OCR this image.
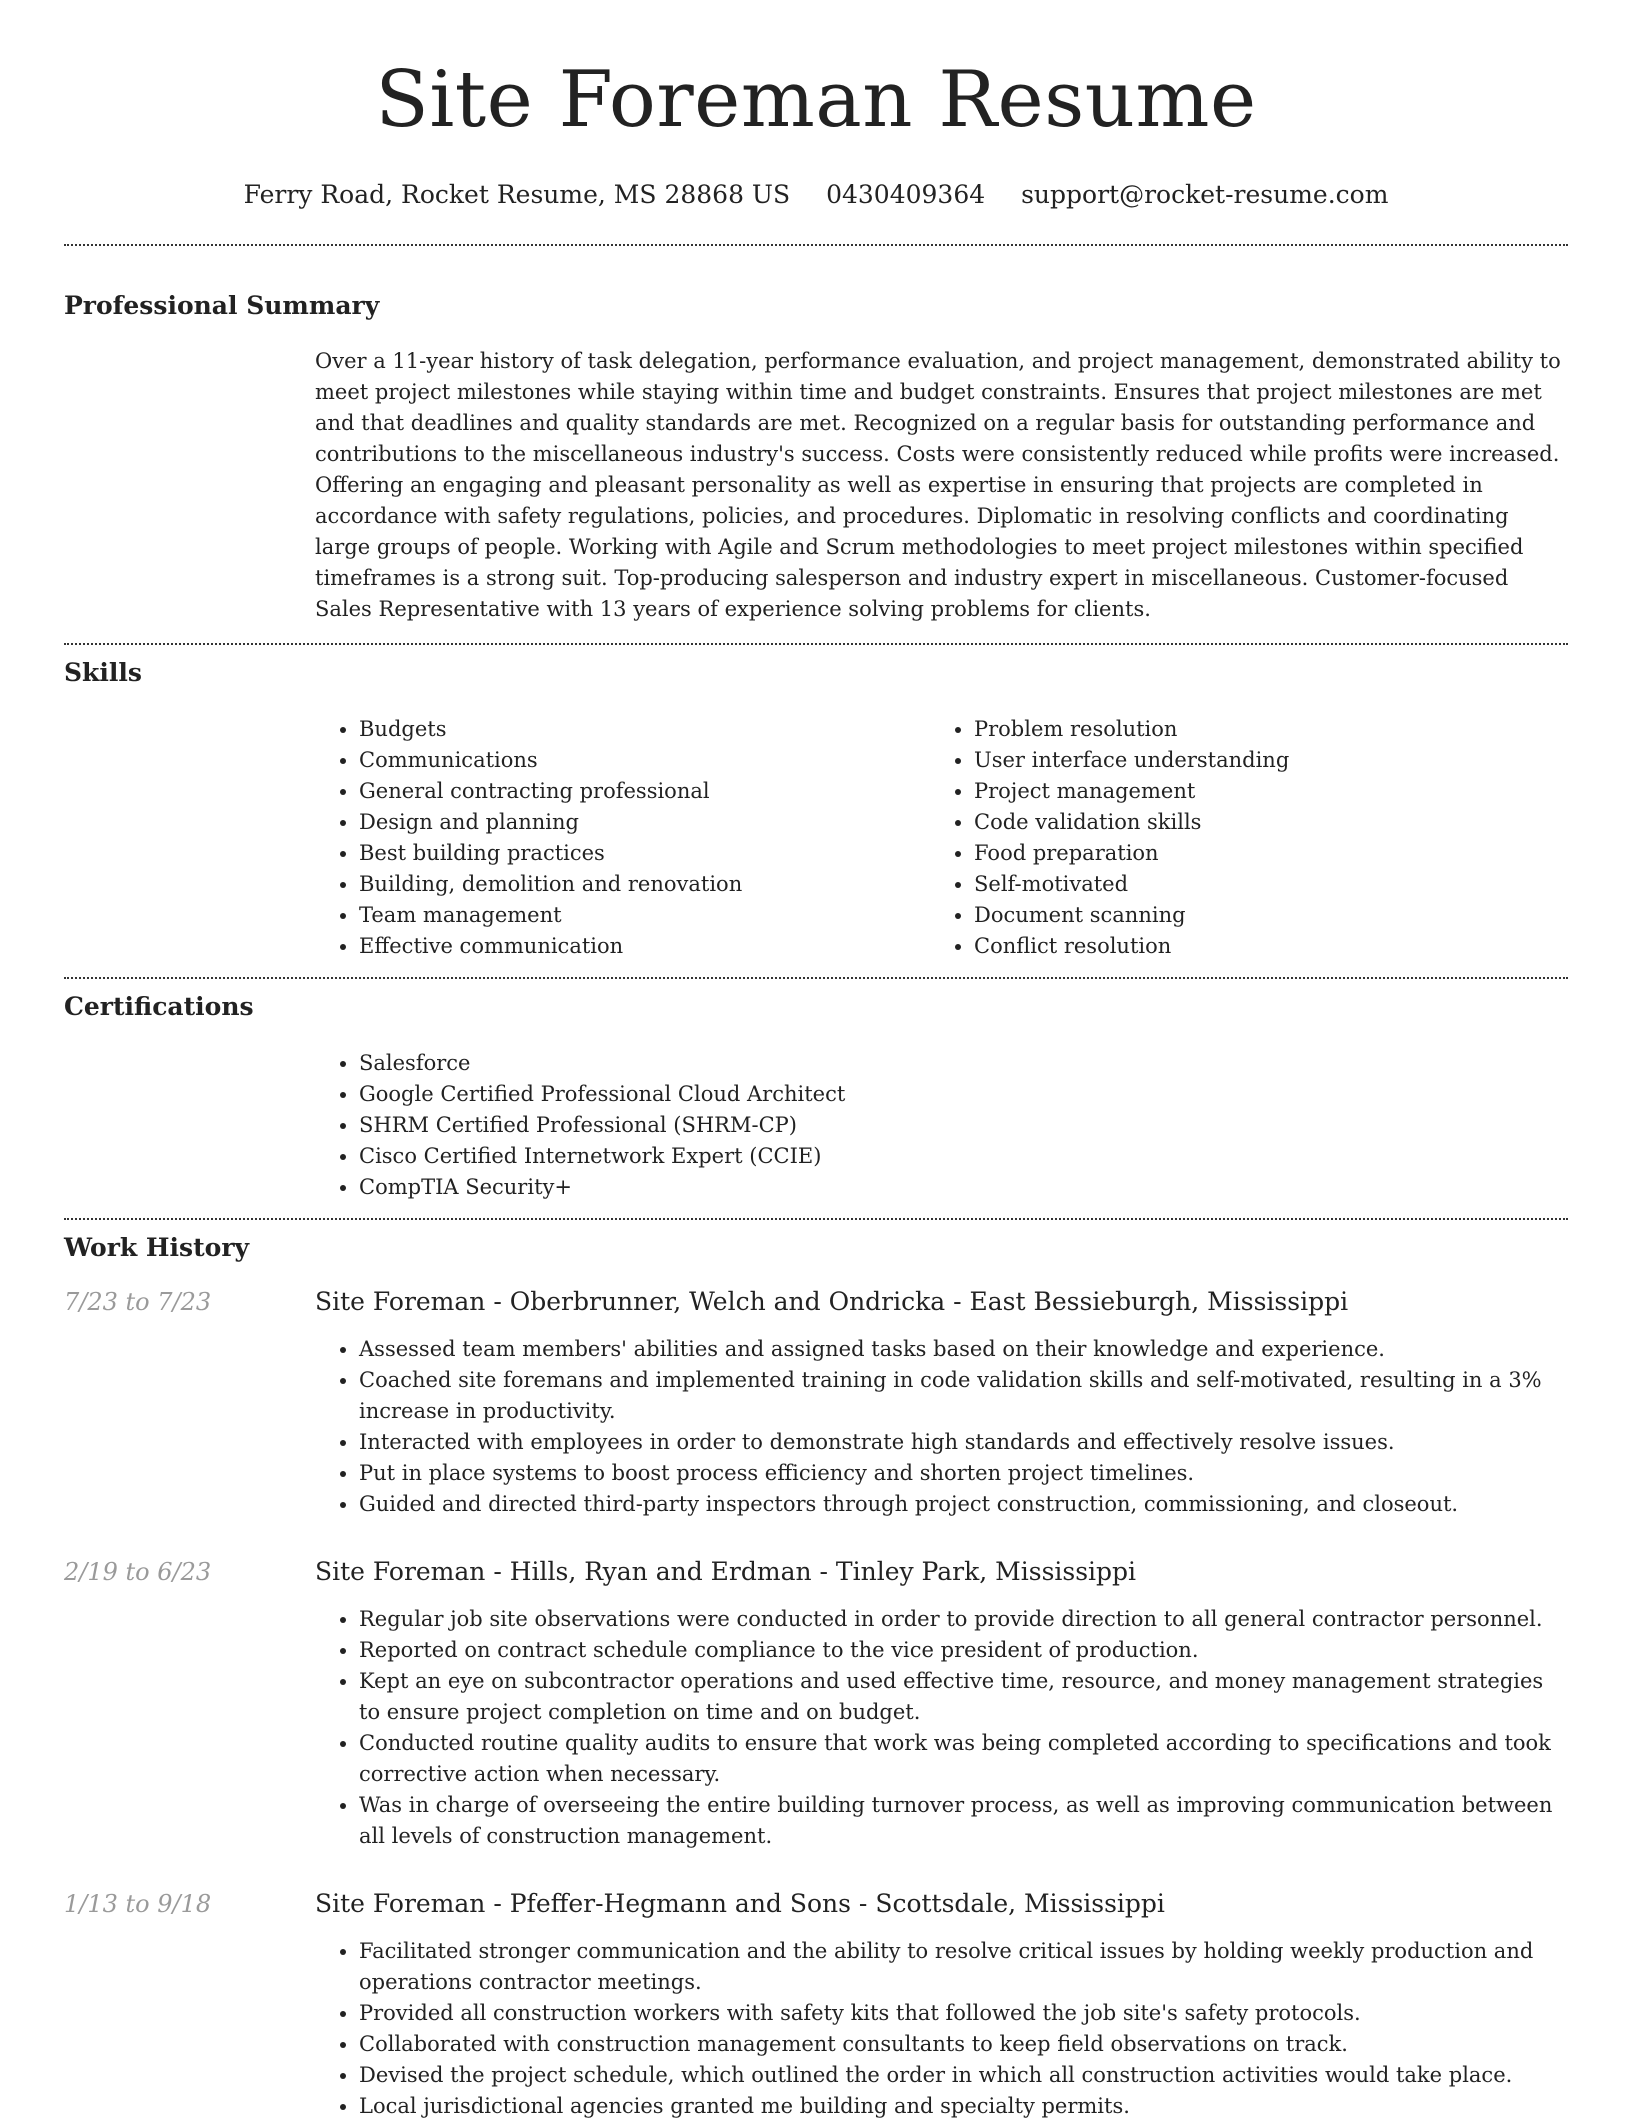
Site Foreman Resume
Ferry Road, Rocket Resume, MS 28868 US 0430409364 support@rocket-resume.com
Professional Summary
Over a 11-year history of task delegation, performance evaluation, and project management, demonstrated ability to meet project milestones while staying within time and budget constraints. Ensures that project milestones are met and that deadlines and quality standards are met. Recognized on a regular basis for outstanding performance and contributions to the miscellaneous industry's success. Costs were consistently reduced while profits were increased. Offering an engaging and pleasant personality as well as expertise in ensuring that projects are completed in accordance with safety regulations, policies, and procedures. Diplomatic in resolving conflicts and coordinating large groups of people. Working with Agile and Scrum methodologies to meet project milestones within specified timeframes is a strong suit. Top-producing salesperson and industry expert in miscellaneous. Customer-focused Sales Representative with 13 years of experience solving problems for clients.
Skills
• Budgets
• Communications
• General contracting professional
• Design and planning
• Best building practices
• Building, demolition and renovation
• Team management
• Effective communication
• Problem resolution
• User interface understanding
• Project management
• Code validation skills
• Food preparation
• Self-motivated
• Document scanning
• Conflict resolution
Certifications
• Salesforce
• Google Certified Professional Cloud Architect
• SHRM Certified Professional (SHRM-CP)
• Cisco Certified Internetwork Expert (CCIE)
• CompTIA Security+
Work History
7/23 to 7/23	Site Foreman - Oberbrunner, Welch and Ondricka - East Bessieburgh, Mississippi
• Assessed team members' abilities and assigned tasks based on their knowledge and experience.
• Coached site foremans and implemented training in code validation skills and self-motivated, resulting in a 3% increase in productivity.
• Interacted with employees in order to demonstrate high standards and effectively resolve issues.
• Put in place systems to boost process efficiency and shorten project timelines.
• Guided and directed third-party inspectors through project construction, commissioning, and closeout.
2/19 to 6/23	Site Foreman - Hills, Ryan and Erdman - Tinley Park, Mississippi
• Regular job site observations were conducted in order to provide direction to all general contractor personnel.
• Reported on contract schedule compliance to the vice president of production.
• Kept an eye on subcontractor operations and used effective time, resource, and money management strategies to ensure project completion on time and on budget.
• Conducted routine quality audits to ensure that work was being completed according to specifications and took corrective action when necessary.
• Was in charge of overseeing the entire building turnover process, as well as improving communication between all levels of construction management.
1/13 to 9/18	Site Foreman - Pfeffer-Hegmann and Sons - Scottsdale, Mississippi
• Facilitated stronger communication and the ability to resolve critical issues by holding weekly production and operations contractor meetings.
• Provided all construction workers with safety kits that followed the job site's safety protocols.
• Collaborated with construction management consultants to keep field observations on track.
• Devised the project schedule, which outlined the order in which all construction activities would take place.
• Local jurisdictional agencies granted me building and specialty permits.
